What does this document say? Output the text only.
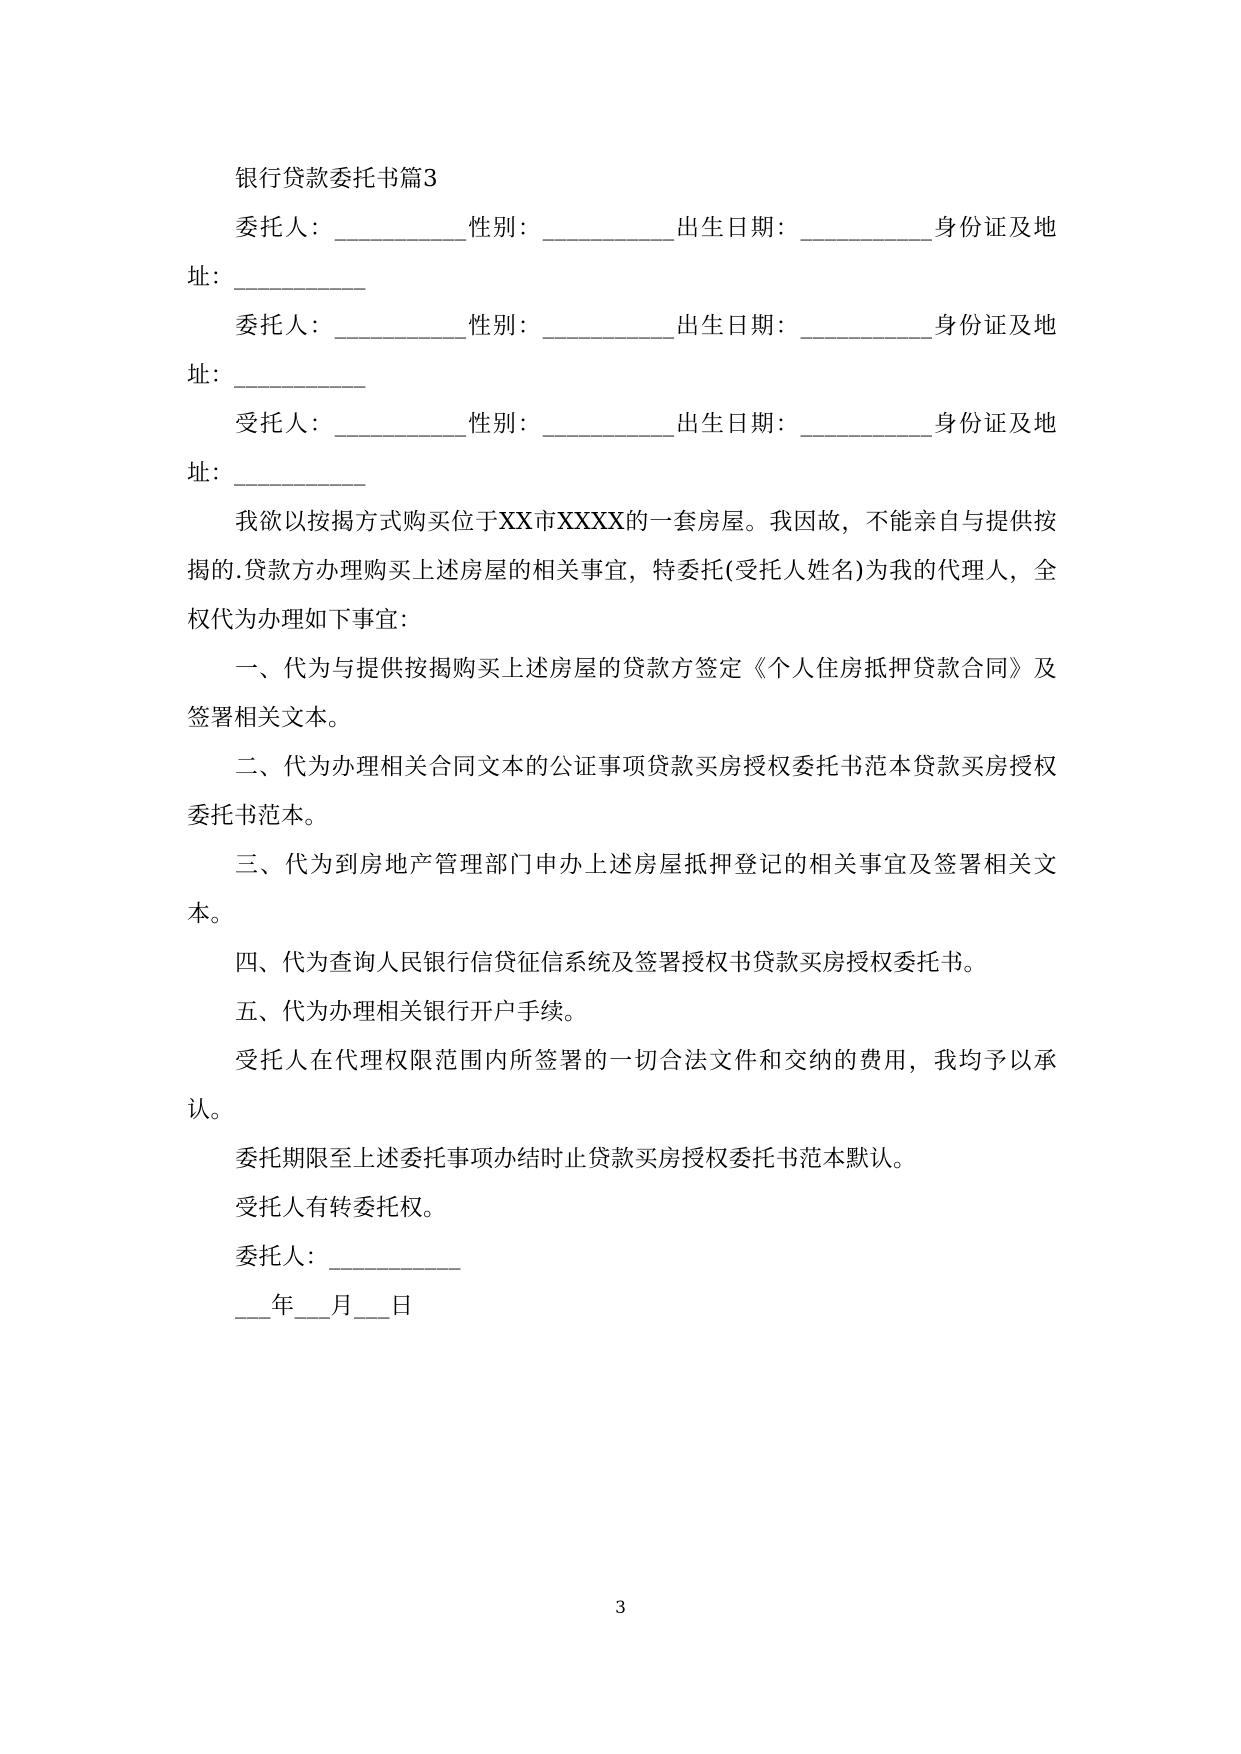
银行贷款委托书篇3

委托人：___________性别：___________出生日期：___________身份证及地址：___________

委托人：___________性别：___________出生日期：___________身份证及地址：___________

受托人：___________性别：___________出生日期：___________身份证及地址：___________

我欲以按揭方式购买位于XX市XXXX的一套房屋。我因故，不能亲自与提供按揭的.贷款方办理购买上述房屋的相关事宜，特委托(受托人姓名)为我的代理人，全权代为办理如下事宜：

一、代为与提供按揭购买上述房屋的贷款方签定《个人住房抵押贷款合同》及签署相关文本。

二、代为办理相关合同文本的公证事项贷款买房授权委托书范本贷款买房授权委托书范本。

三、代为到房地产管理部门申办上述房屋抵押登记的相关事宜及签署相关文本。

四、代为查询人民银行信贷征信系统及签署授权书贷款买房授权委托书。

五、代为办理相关银行开户手续。

受托人在代理权限范围内所签署的一切合法文件和交纳的费用，我均予以承认。

委托期限至上述委托事项办结时止贷款买房授权委托书范本默认。

受托人有转委托权。

委托人：___________

___年___月___日

3
